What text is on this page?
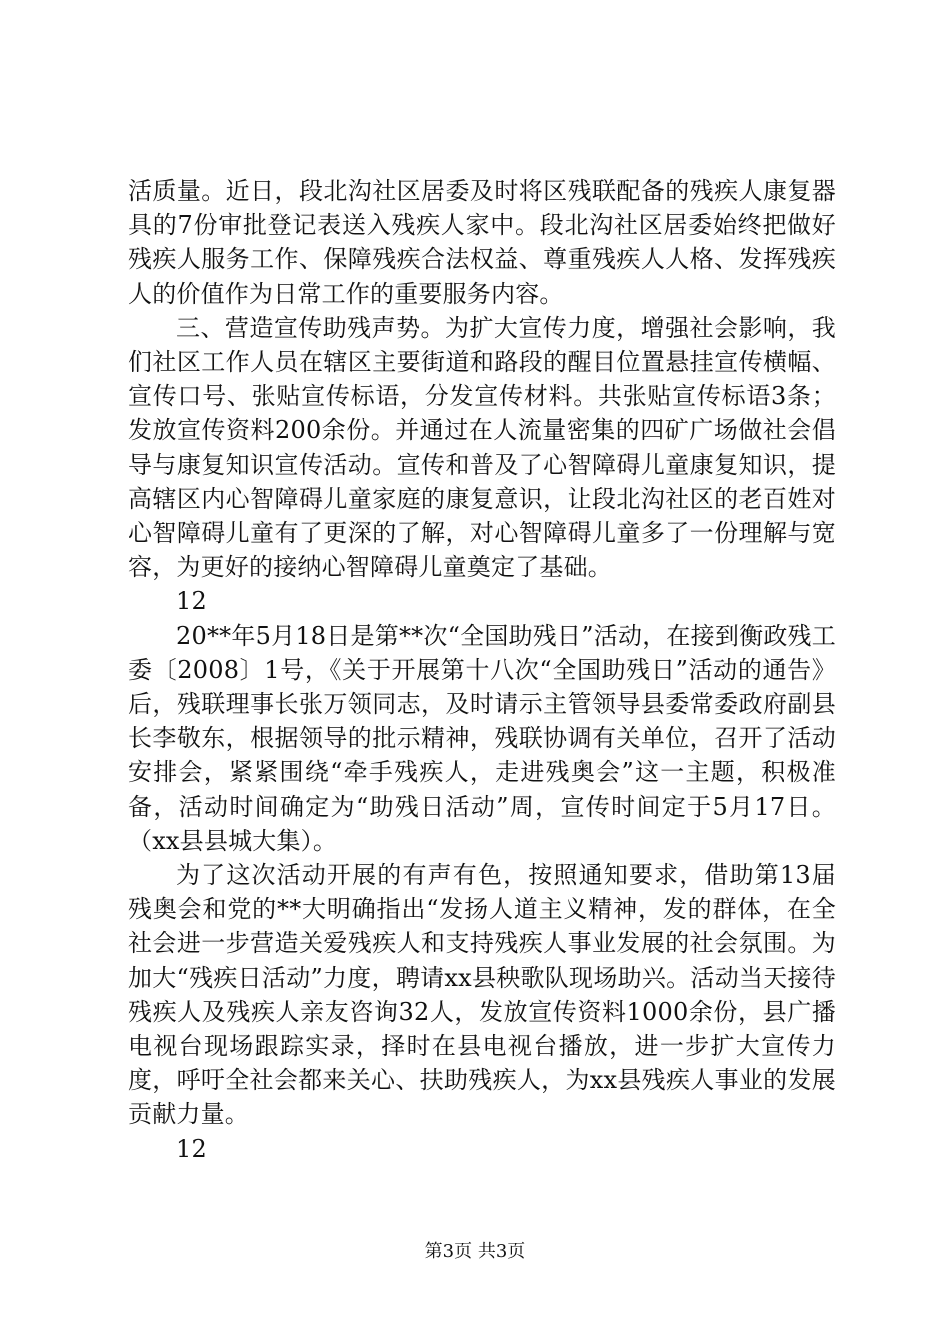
活质量。近日，段北沟社区居委及时将区残联配备的残疾人康复器具的7份审批登记表送入残疾人家中。段北沟社区居委始终把做好残疾人服务工作、保障残疾合法权益、尊重残疾人人格、发挥残疾人的价值作为日常工作的重要服务内容。

三、营造宣传助残声势。为扩大宣传力度，增强社会影响，我们社区工作人员在辖区主要街道和路段的醒目位置悬挂宣传横幅、宣传口号、张贴宣传标语，分发宣传材料。共张贴宣传标语3条；发放宣传资料200余份。并通过在人流量密集的四矿广场做社会倡导与康复知识宣传活动。宣传和普及了心智障碍儿童康复知识，提高辖区内心智障碍儿童家庭的康复意识，让段北沟社区的老百姓对心智障碍儿童有了更深的了解，对心智障碍儿童多了一份理解与宽容，为更好的接纳心智障碍儿童奠定了基础。

12

20**年5月18日是第**次“全国助残日”活动，在接到衡政残工委〔2008〕1号，《关于开展第十八次“全国助残日”活动的通告》后，残联理事长张万领同志，及时请示主管领导县委常委政府副县长李敬东，根据领导的批示精神，残联协调有关单位，召开了活动安排会，紧紧围绕“牵手残疾人，走进残奥会”这一主题，积极准备，活动时间确定为“助残日活动”周，宣传时间定于5月17日。（xx县县城大集）。

为了这次活动开展的有声有色，按照通知要求，借助第13届残奥会和党的**大明确指出“发扬人道主义精神，发的群体，在全社会进一步营造关爱残疾人和支持残疾人事业发展的社会氛围。为加大“残疾日活动”力度，聘请xx县秧歌队现场助兴。活动当天接待残疾人及残疾人亲友咨询32人，发放宣传资料1000余份，县广播电视台现场跟踪实录，择时在县电视台播放，进一步扩大宣传力度，呼吁全社会都来关心、扶助残疾人，为xx县残疾人事业的发展贡献力量。

12

第3页 共3页
